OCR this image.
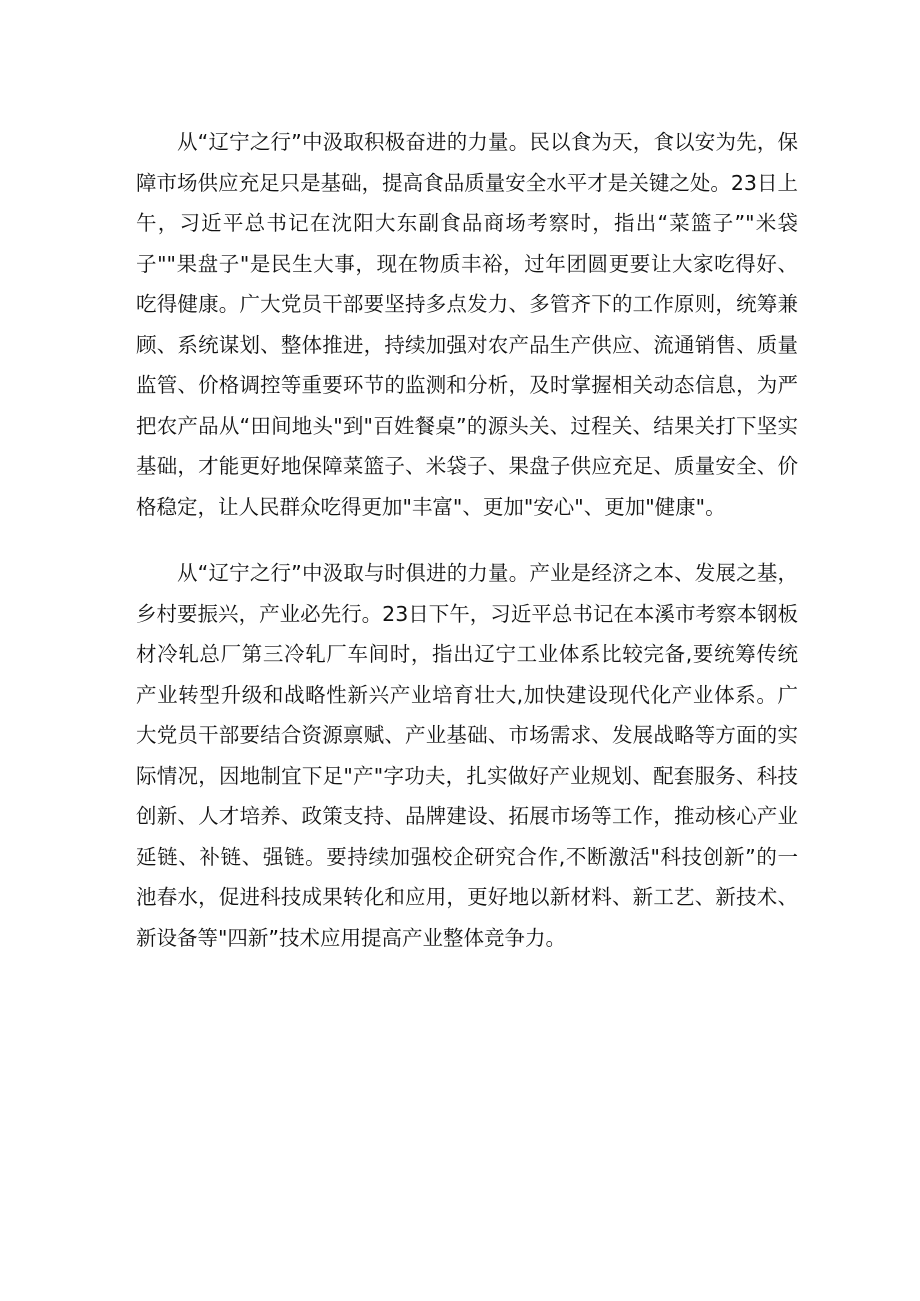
从“辽宁之行”中汲取积极奋进的力量。民以食为天，食以安为先，保障市场供应充足只是基础，提高食品质量安全水平才是关键之处。23日上午，习近平总书记在沈阳大东副食品商场考察时，指出“菜篮子”"米袋子""果盘子"是民生大事，现在物质丰裕，过年团圆更要让大家吃得好、吃得健康。广大党员干部要坚持多点发力、多管齐下的工作原则，统筹兼顾、系统谋划、整体推进，持续加强对农产品生产供应、流通销售、质量监管、价格调控等重要环节的监测和分析，及时掌握相关动态信息，为严把农产品从“田间地头"到"百姓餐桌”的源头关、过程关、结果关打下坚实基础，才能更好地保障菜篮子、米袋子、果盘子供应充足、质量安全、价格稳定，让人民群众吃得更加"丰富"、更加"安心"、更加"健康"。

从“辽宁之行”中汲取与时俱进的力量。产业是经济之本、发展之基，乡村要振兴，产业必先行。23日下午，习近平总书记在本溪市考察本钢板材冷轧总厂第三冷轧厂车间时，指出辽宁工业体系比较完备,要统筹传统产业转型升级和战略性新兴产业培育壮大,加快建设现代化产业体系。广大党员干部要结合资源禀赋、产业基础、市场需求、发展战略等方面的实际情况，因地制宜下足"产"字功夫，扎实做好产业规划、配套服务、科技创新、人才培养、政策支持、品牌建设、拓展市场等工作，推动核心产业延链、补链、强链。要持续加强校企研究合作,不断激活"科技创新”的一池春水，促进科技成果转化和应用，更好地以新材料、新工艺、新技术、新设备等"四新”技术应用提高产业整体竞争力。
